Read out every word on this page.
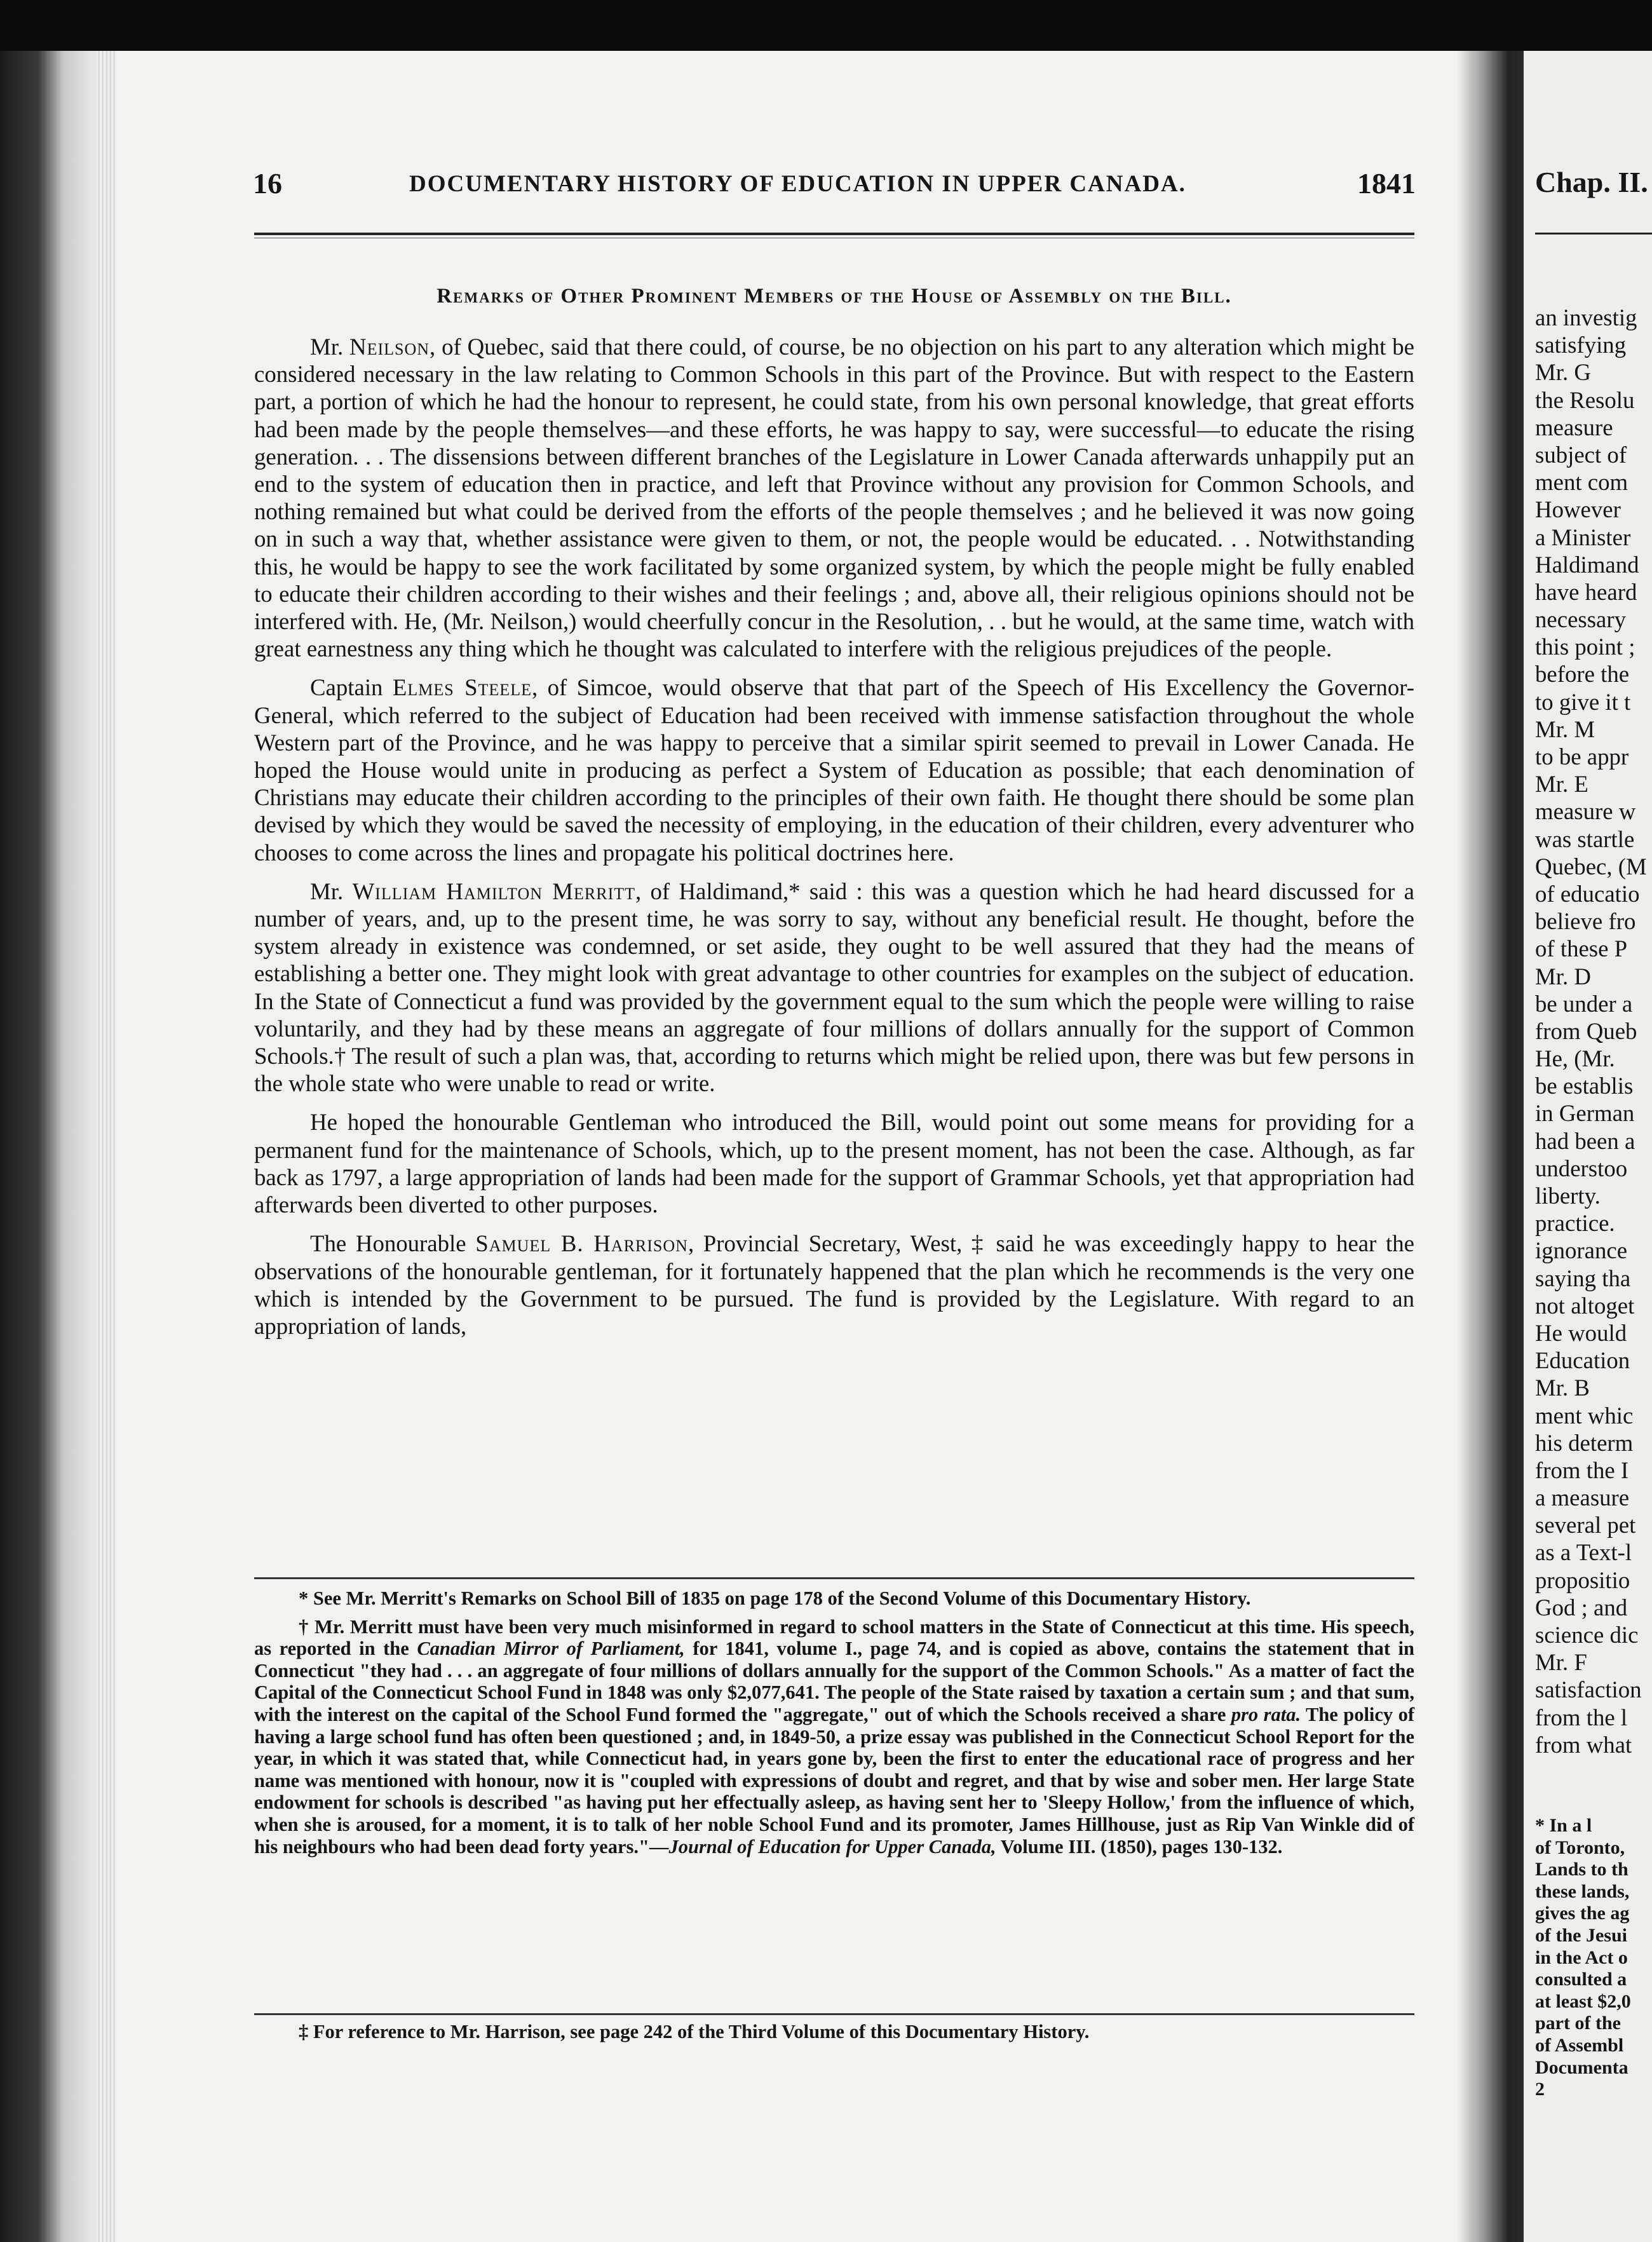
Chap. II.
an investig
satisfying
Mr. G
the Resolu
measure
subject of
ment com
However
a Minister
Haldimand
have heard
necessary
this point ;
before the
to give it t
Mr. M
to be appr
Mr. E
measure w
was startle
Quebec, (M
of educatio
believe fro
of these P
Mr. D
be under a
from Queb
He, (Mr.
be establis
in German
had been a
understoo
liberty.
practice.
ignorance
saying tha
not altoget
He would
Education
Mr. B
ment whic
his determ
from the I
a measure
several pet
as a Text-l
propositio
God ; and
science dic
Mr. F
satisfaction
from the l
from what
* In a l
of Toronto,
Lands to th
these lands,
gives the ag
of the Jesui
in the Act o
consulted a
at least $2,0
part of the
of Assembl
Documenta
2
16	DOCUMENTARY HISTORY OF EDUCATION IN UPPER CANADA.	1841
Remarks of Other Prominent Members of the House of Assembly on the Bill.

Mr. Neilson, of Quebec, said that there could, of course, be no objection on his part to any alteration which might be considered necessary in the law relating to Common Schools in this part of the Province. But with respect to the Eastern part, a portion of which he had the honour to represent, he could state, from his own personal knowledge, that great efforts had been made by the people themselves—and these efforts, he was happy to say, were successful—to educate the rising generation. . . The dissensions between different branches of the Legislature in Lower Canada afterwards unhappily put an end to the system of education then in practice, and left that Province without any provision for Common Schools, and nothing remained but what could be derived from the efforts of the people themselves ; and he believed it was now going on in such a way that, whether assistance were given to them, or not, the people would be educated. . . Notwithstanding this, he would be happy to see the work facilitated by some organized system, by which the people might be fully enabled to educate their children according to their wishes and their feelings ; and, above all, their religious opinions should not be interfered with. He, (Mr. Neilson,) would cheerfully concur in the Resolution, . . but he would, at the same time, watch with great earnestness any thing which he thought was calculated to interfere with the religious prejudices of the people.

Captain Elmes Steele, of Simcoe, would observe that that part of the Speech of His Excellency the Governor-General, which referred to the subject of Education had been received with immense satisfaction throughout the whole Western part of the Province, and he was happy to perceive that a similar spirit seemed to prevail in Lower Canada. He hoped the House would unite in producing as perfect a System of Education as possible; that each denomination of Christians may educate their children according to the principles of their own faith. He thought there should be some plan devised by which they would be saved the necessity of employing, in the education of their children, every adventurer who chooses to come across the lines and propagate his political doctrines here.

Mr. William Hamilton Merritt, of Haldimand,* said : this was a question which he had heard discussed for a number of years, and, up to the present time, he was sorry to say, without any beneficial result. He thought, before the system already in existence was condemned, or set aside, they ought to be well assured that they had the means of establishing a better one. They might look with great advantage to other countries for examples on the subject of education. In the State of Connecticut a fund was provided by the government equal to the sum which the people were willing to raise voluntarily, and they had by these means an aggregate of four millions of dollars annually for the support of Common Schools.† The result of such a plan was, that, according to returns which might be relied upon, there was but few persons in the whole state who were unable to read or write.

He hoped the honourable Gentleman who introduced the Bill, would point out some means for providing for a permanent fund for the maintenance of Schools, which, up to the present moment, has not been the case. Although, as far back as 1797, a large appropriation of lands had been made for the support of Grammar Schools, yet that appropriation had afterwards been diverted to other purposes.

The Honourable Samuel B. Harrison, Provincial Secretary, West, ‡ said he was exceedingly happy to hear the observations of the honourable gentleman, for it fortunately happened that the plan which he recommends is the very one which is intended by the Government to be pursued. The fund is provided by the Legislature. With regard to an appropriation of lands,

* See Mr. Merritt's Remarks on School Bill of 1835 on page 178 of the Second Volume of this Documentary History.

† Mr. Merritt must have been very much misinformed in regard to school matters in the State of Connecticut at this time. His speech, as reported in the Canadian Mirror of Parliament, for 1841, volume I., page 74, and is copied as above, contains the statement that in Connecticut "they had . . . an aggregate of four millions of dollars annually for the support of the Common Schools." As a matter of fact the Capital of the Connecticut School Fund in 1848 was only $2,077,641. The people of the State raised by taxation a certain sum ; and that sum, with the interest on the capital of the School Fund formed the "aggregate," out of which the Schools received a share pro rata. The policy of having a large school fund has often been questioned ; and, in 1849-50, a prize essay was published in the Connecticut School Report for the year, in which it was stated that, while Connecticut had, in years gone by, been the first to enter the educational race of progress and her name was mentioned with honour, now it is "coupled with expressions of doubt and regret, and that by wise and sober men. Her large State endowment for schools is described "as having put her effectually asleep, as having sent her to 'Sleepy Hollow,' from the influence of which, when she is aroused, for a moment, it is to talk of her noble School Fund and its promoter, James Hillhouse, just as Rip Van Winkle did of his neighbours who had been dead forty years."—Journal of Education for Upper Canada, Volume III. (1850), pages 130-132.

‡ For reference to Mr. Harrison, see page 242 of the Third Volume of this Documentary History.
